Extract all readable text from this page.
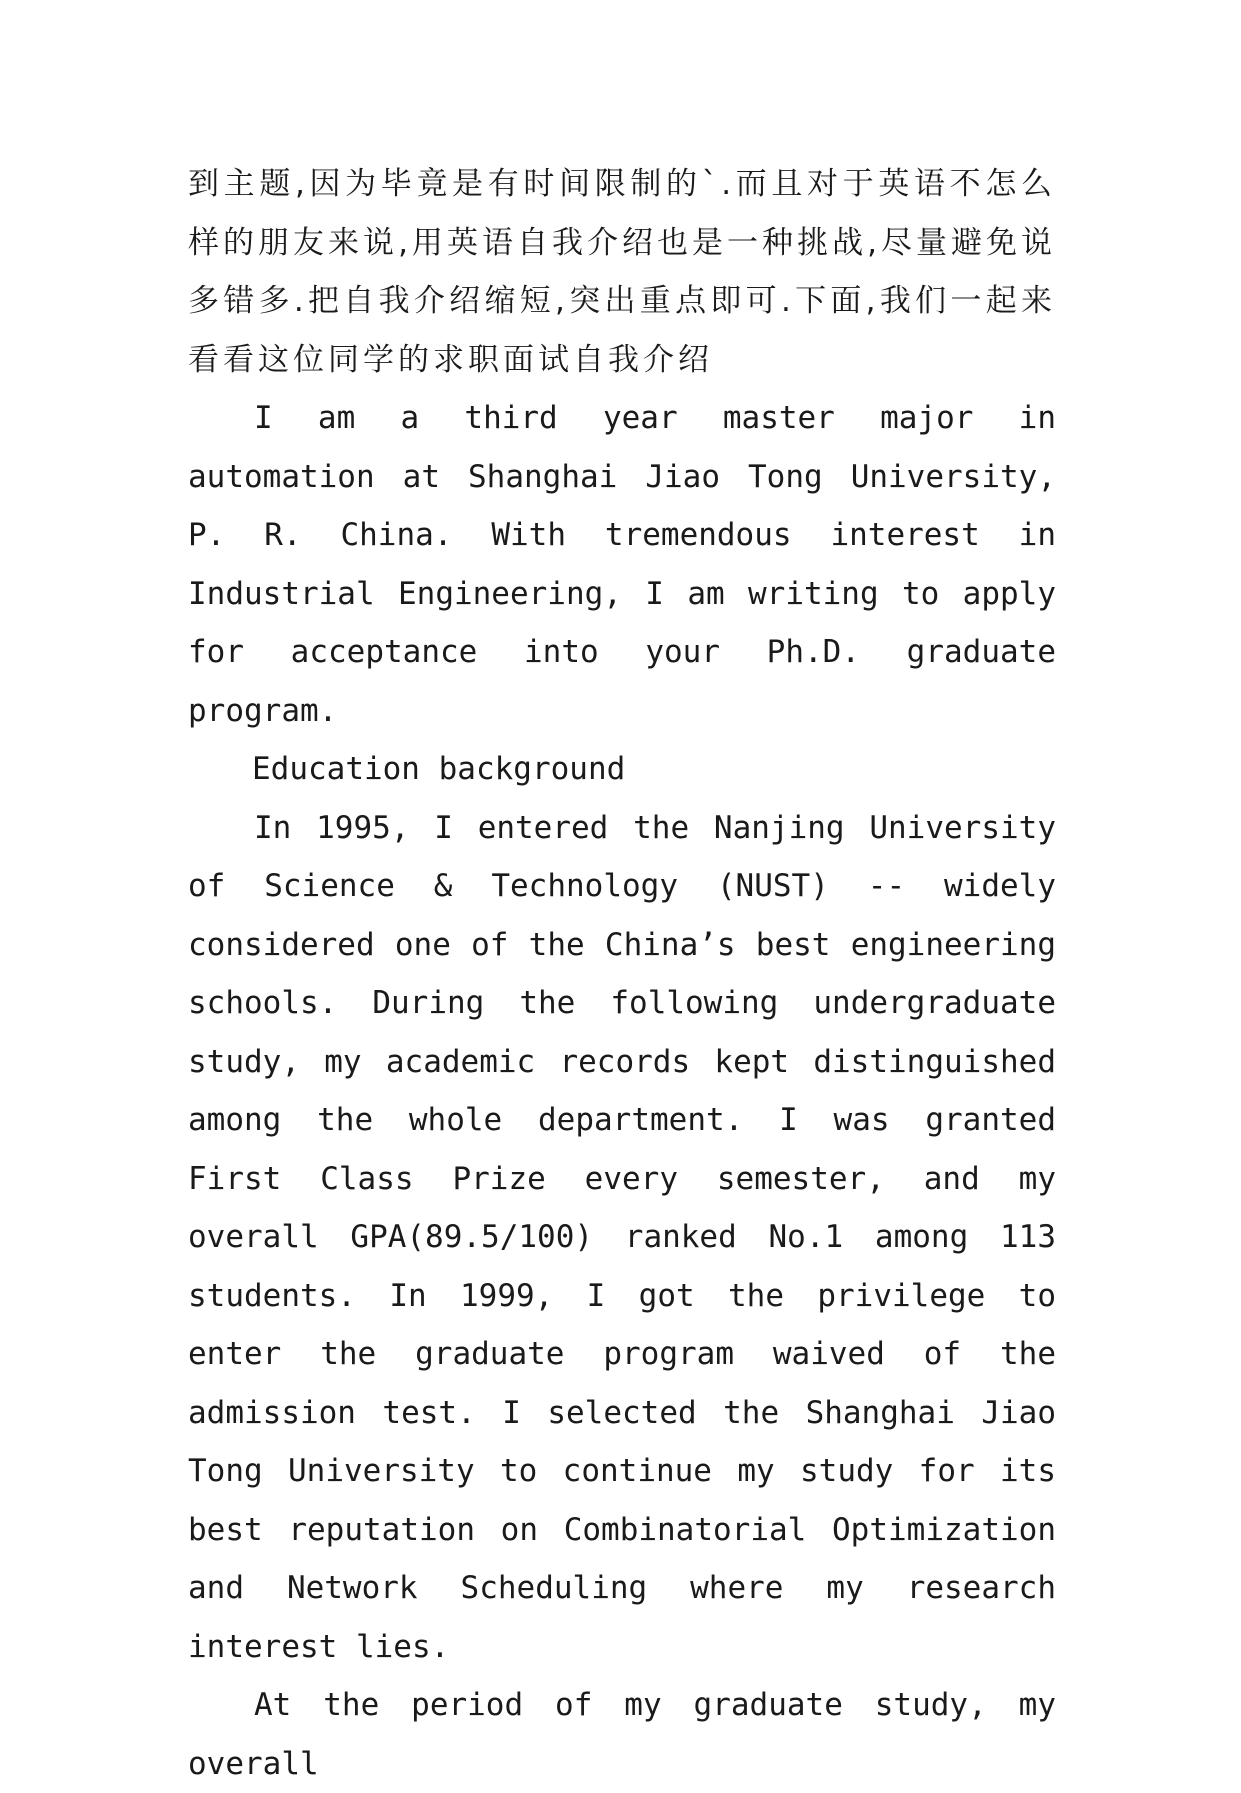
到主题,因为毕竟是有时间限制的`.而且对于英语不怎么样的朋友来说,用英语自我介绍也是一种挑战,尽量避免说多错多.把自我介绍缩短,突出重点即可.下面,我们一起来看看这位同学的求职面试自我介绍

I am a third year master major in automation at Shanghai Jiao Tong University, P. R. China. With tremendous interest in Industrial Engineering, I am writing to apply for acceptance into your Ph.D. graduate program.

Education background

In 1995, I entered the Nanjing University of Science & Technology (NUST) -- widely considered one of the China’s best engineering schools. During the following undergraduate study, my academic records kept distinguished among the whole department. I was granted First Class Prize every semester, and my overall GPA(89.5/100) ranked No.1 among 113 students. In 1999, I got the privilege to enter the graduate program waived of the admission test. I selected the Shanghai Jiao Tong University to continue my study for its best reputation on Combinatorial Optimization and Network Scheduling where my research interest lies.

At the period of my graduate study, my overall
